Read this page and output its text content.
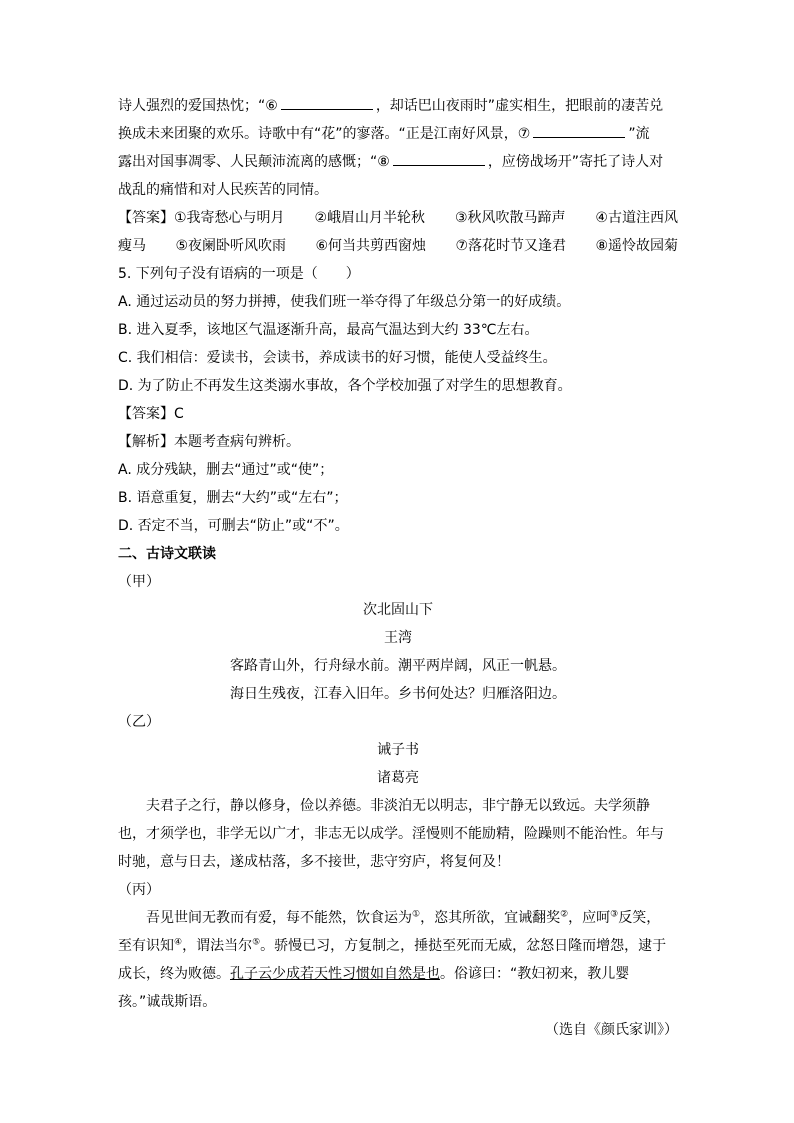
诗人强烈的爱国热忱；“⑥	，却话巴山夜雨时”虚实相生，把眼前的凄苦兑

换成未来团聚的欢乐。诗歌中有“花”的寥落。“正是江南好风景，⑦	”流

露出对国事凋零、人民颠沛流离的感慨；“⑧	，应傍战场开”寄托了诗人对

战乱的痛惜和对人民疾苦的同情。

【答案】①我寄愁心与明月 ②峨眉山月半轮秋 ③秋风吹散马蹄声 ④古道注西风
瘦马 ⑤夜阑卧听风吹雨 ⑥何当共剪西窗烛 ⑦落花时节又逢君 ⑧遥怜故园菊

5. 下列句子没有语病的一项是（　　）

A. 通过运动员的努力拼搏，使我们班一举夺得了年级总分第一的好成绩。

B. 进入夏季，该地区气温逐渐升高，最高气温达到大约 33℃左右。

C. 我们相信：爱读书，会读书，养成读书的好习惯，能使人受益终生。

D. 为了防止不再发生这类溺水事故，各个学校加强了对学生的思想教育。

【答案】C

【解析】本题考查病句辨析。

A. 成分残缺，删去“通过”或“使”；

B. 语意重复，删去“大约”或“左右”；

D. 否定不当，可删去“防止”或“不”。

二、古诗文联读

（甲）

次北固山下

王湾

客路青山外，行舟绿水前。潮平两岸阔，风正一帆悬。

海日生残夜，江春入旧年。乡书何处达？归雁洛阳边。

（乙）

诫子书

诸葛亮

夫君子之行，静以修身，俭以养德。非淡泊无以明志，非宁静无以致远。夫学须静

也，才须学也，非学无以广才，非志无以成学。淫慢则不能励精，险躁则不能治性。年与

时驰，意与日去，遂成枯落，多不接世，悲守穷庐，将复何及！

（丙）

吾见世间无教而有爱，每不能然，饮食运为①，恣其所欲，宜诫翻奖②，应呵③反笑，

至有识知④，谓法当尔⑤。骄慢已习，方复制之，捶挞至死而无威，忿怒日隆而增怨，逮于

成长，终为败德。孔子云少成若天性习惯如自然是也。俗谚曰：“教妇初来，教儿婴

孩。”诚哉斯语。

（选自《颜氏家训》）
